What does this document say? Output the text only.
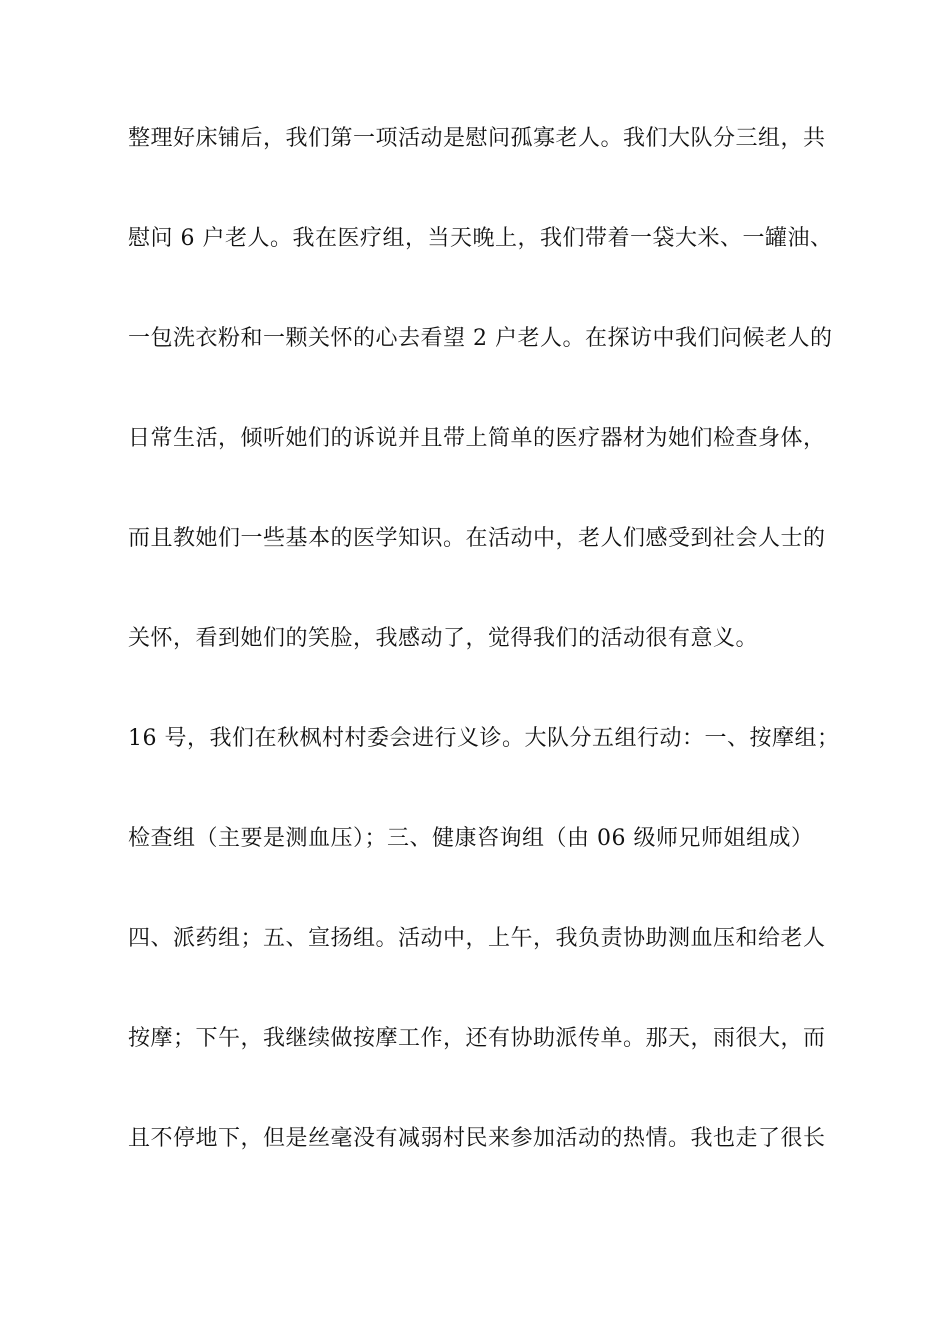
整理好床铺后，我们第一项活动是慰问孤寡老人。我们大队分三组，共
慰问 6 户老人。我在医疗组，当天晚上，我们带着一袋大米、一罐油、
一包洗衣粉和一颗关怀的心去看望 2 户老人。在探访中我们问候老人的
日常生活，倾听她们的诉说并且带上简单的医疗器材为她们检查身体，
而且教她们一些基本的医学知识。在活动中，老人们感受到社会人士的
关怀，看到她们的笑脸，我感动了，觉得我们的活动很有意义。
16 号，我们在秋枫村村委会进行义诊。大队分五组行动：一、按摩组；
检查组（主要是测血压）；三、健康咨询组（由 06 级师兄师姐组成）
四、派药组；五、宣扬组。活动中，上午，我负责协助测血压和给老人
按摩；下午，我继续做按摩工作，还有协助派传单。那天，雨很大，而
且不停地下，但是丝毫没有减弱村民来参加活动的热情。我也走了很长
